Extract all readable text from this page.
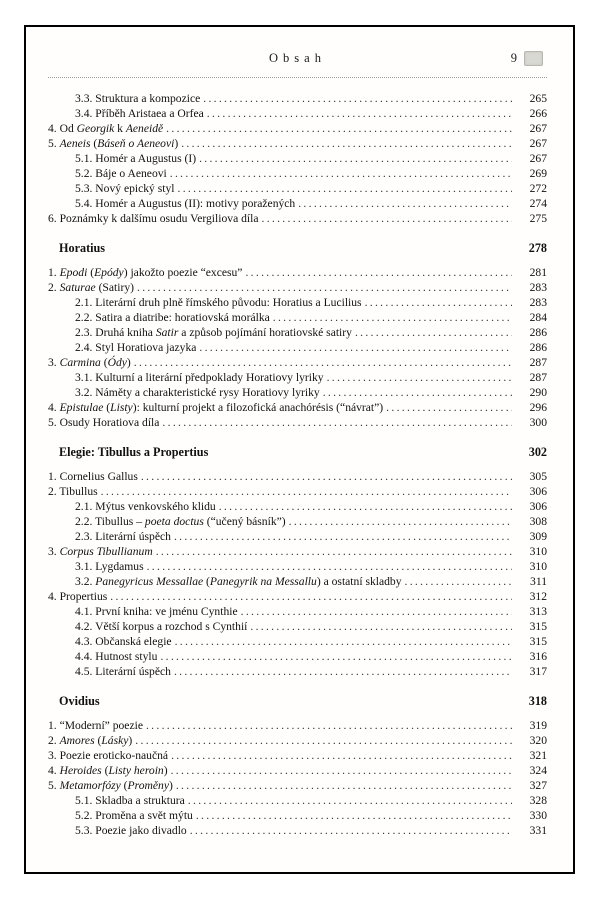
Obsah	9
3.3. Struktura a kompozice .....	265
3.4. Příběh Aristaea a Orfea .....	266
4. Od Georgik k Aeneidě .....	267
5. Aeneis (Báseň o Aeneovi) .....	267
5.1. Homér a Augustus (I) .....	267
5.2. Báje o Aeneovi .....	269
5.3. Nový epický styl .....	272
5.4. Homér a Augustus (II): motivy poražených .....	274
6. Poznámky k dalšímu osudu Vergiliova díla .....	275
Horatius	278
1. Epodi (Epódy) jakožto poezie “excesu” .....	281
2. Saturae (Satiry) .....	283
2.1. Literární druh plně římského původu: Horatius a Lucilius .....	283
2.2. Satira a diatribe: horatiovská morálka .....	284
2.3. Druhá kniha Satir a způsob pojímání horatiovské satiry .....	286
2.4. Styl Horatiova jazyka .....	286
3. Carmina (Ódy) .....	287
3.1. Kulturní a literární předpoklady Horatiovy lyriky .....	287
3.2. Náměty a charakteristické rysy Horatiovy lyriky .....	290
4. Epistulae (Listy): kulturní projekt a filozofická anachórésis (“návrat”) .....	296
5. Osudy Horatiova díla .....	300
Elegie: Tibullus a Propertius	302
1. Cornelius Gallus .....	305
2. Tibullus .....	306
2.1. Mýtus venkovského klidu .....	306
2.2. Tibullus – poeta doctus (“učený básník”) .....	308
2.3. Literární úspěch .....	309
3. Corpus Tibullianum .....	310
3.1. Lygdamus .....	310
3.2. Panegyricus Messallae (Panegyrik na Messallu) a ostatní skladby .....	311
4. Propertius .....	312
4.1. První kniha: ve jménu Cynthie .....	313
4.2. Větší korpus a rozchod s Cynthií .....	315
4.3. Občanská elegie .....	315
4.4. Hutnost stylu .....	316
4.5. Literární úspěch .....	317
Ovidius	318
1. “Moderní” poezie .....	319
2. Amores (Lásky) .....	320
3. Poezie eroticko-naučná .....	321
4. Heroides (Listy heroin) .....	324
5. Metamorfózy (Proměny) .....	327
5.1. Skladba a struktura .....	328
5.2. Proměna a svět mýtu .....	330
5.3. Poezie jako divadlo .....	331
